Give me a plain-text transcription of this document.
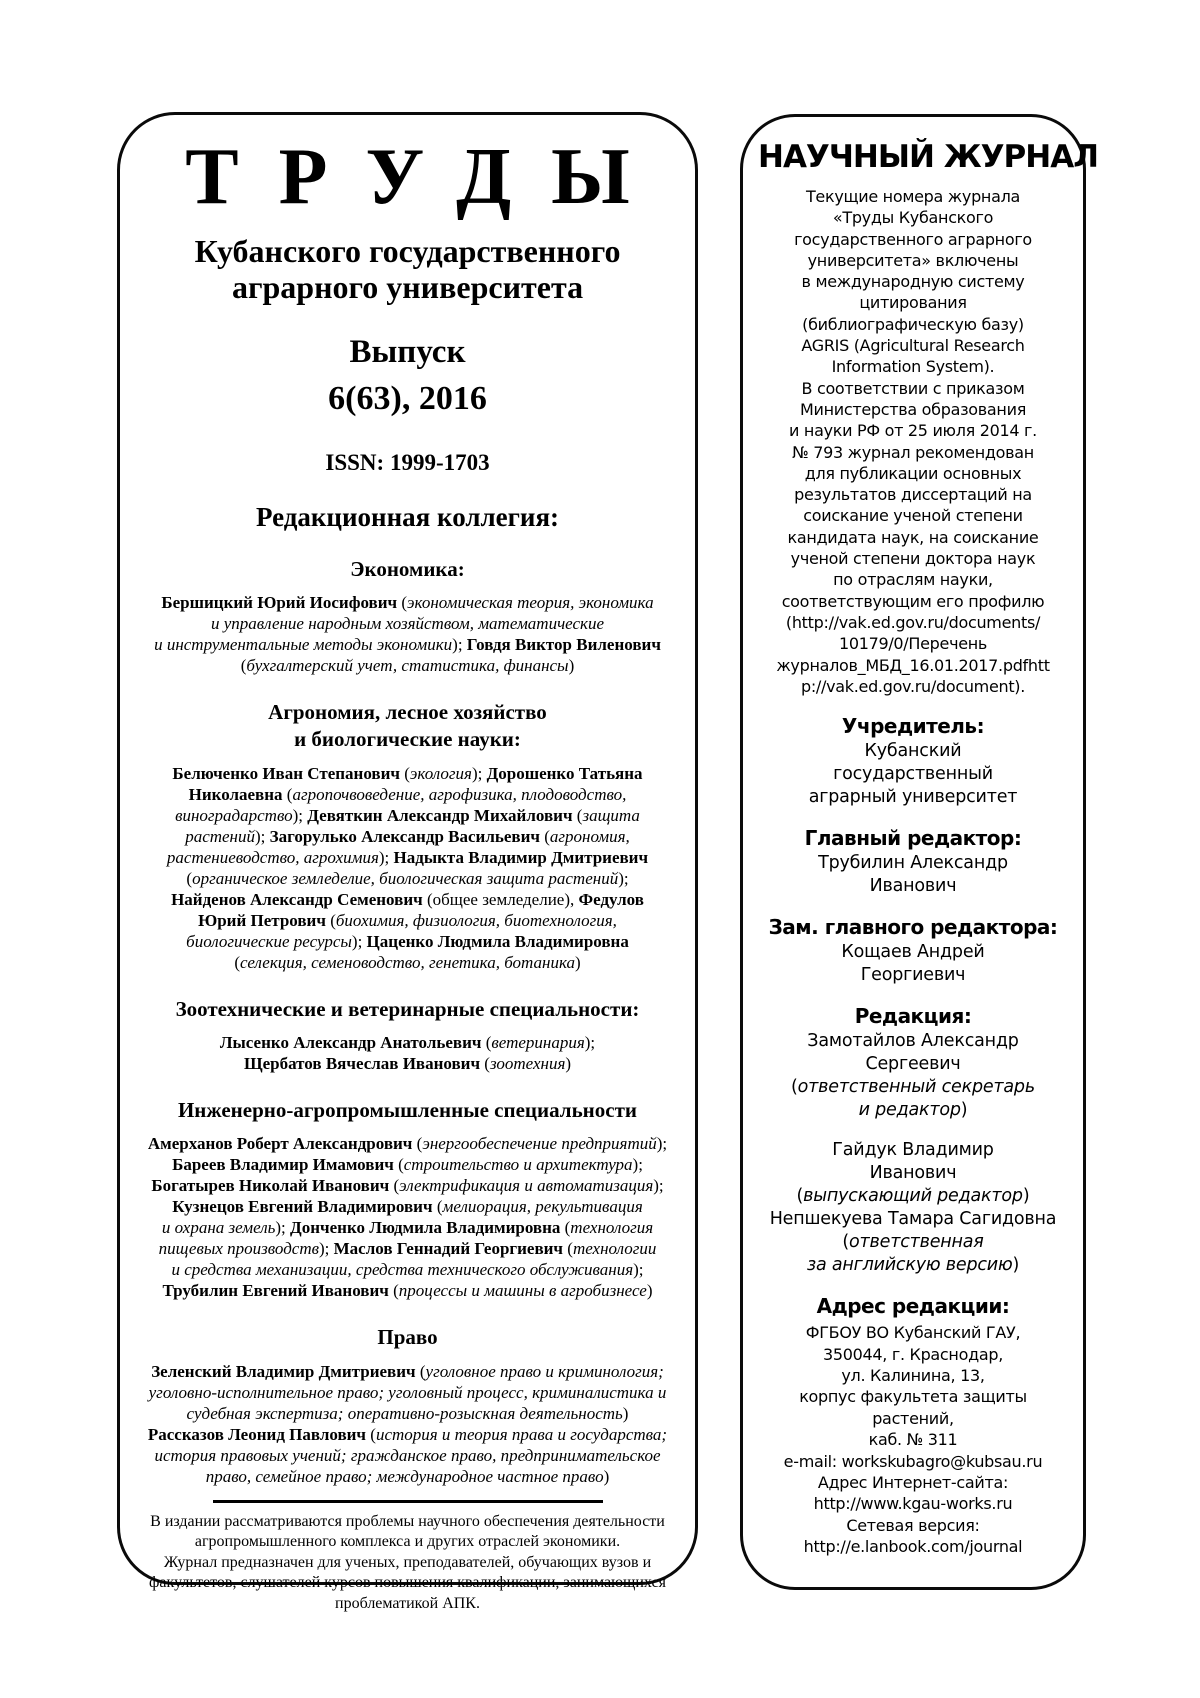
ТРУДЫ
Кубанского государственного
аграрного университета
Выпуск
6(63), 2016
ISSN: 1999-1703
Редакционная коллегия:
Экономика:
Бершицкий Юрий Иосифович (экономическая теория, экономика
и управление народным хозяйством, математические
и инструментальные методы экономики); Говдя Виктор Виленович
(бухгалтерский учет, статистика, финансы)
Агрономия, лесное хозяйство
и биологические науки:
Белюченко Иван Степанович (экология); Дорошенко Татьяна
Николаевна (агропочвоведение, агрофизика, плодоводство,
виноградарство); Девяткин Александр Михайлович (защита
растений); Загорулько Александр Васильевич (агрономия,
растениеводство, агрохимия); Надыкта Владимир Дмитриевич
(органическое земледелие, биологическая защита растений);
Найденов Александр Семенович (общее земледелие), Федулов
Юрий Петрович (биохимия, физиология, биотехнология,
биологические ресурсы); Цаценко Людмила Владимировна
(селекция, семеноводство, генетика, ботаника)
Зоотехнические и ветеринарные специальности:
Лысенко Александр Анатольевич (ветеринария);
Щербатов Вячеслав Иванович (зоотехния)
Инженерно-агропромышленные специальности
Амерханов Роберт Александрович (энергообеспечение предприятий);
Бареев Владимир Имамович (строительство и архитектура);
Богатырев Николай Иванович (электрификация и автоматизация);
Кузнецов Евгений Владимирович (мелиорация, рекультивация
и охрана земель); Донченко Людмила Владимировна (технология
пищевых производств); Маслов Геннадий Георгиевич (технологии
и средства механизации, средства технического обслуживания);
Трубилин Евгений Иванович (процессы и машины в агробизнесе)
Право
Зеленский Владимир Дмитриевич (уголовное право и криминология;
уголовно-исполнительное право; уголовный процесс, криминалистика и
судебная экспертиза; оперативно-розыскная деятельность)
Рассказов Леонид Павлович (история и теория права и государства;
история правовых учений; гражданское право, предпринимательское
право, семейное право; международное частное право)
В издании рассматриваются проблемы научного обеспечения деятельности
агропромышленного комплекса и других отраслей экономики.
Журнал предназначен для ученых, преподавателей, обучающих вузов и
факультетов, слушателей курсов повышения квалификации, занимающихся
проблематикой АПК.
НАУЧНЫЙ ЖУРНАЛ
Текущие номера журнала
«Труды Кубанского
государственного аграрного
университета» включены
в международную систему
цитирования
(библиографическую базу)
AGRIS (Agricultural Research
Information System).
В соответствии с приказом
Министерства образования
и науки РФ от 25 июля 2014 г.
№ 793 журнал рекомендован
для публикации основных
результатов диссертаций на
соискание ученой степени
кандидата наук, на соискание
ученой степени доктора наук
по отраслям науки,
соответствующим его профилю
(http://vak.ed.gov.ru/documents/
10179/0/Перечень
журналов_МБД_16.01.2017.pdfhtt
p://vak.ed.gov.ru/document).
Учредитель:
Кубанский
государственный
аграрный университет
Главный редактор:
Трубилин Александр
Иванович
Зам. главного редактора:
Кощаев Андрей
Георгиевич
Редакция:
Замотайлов Александр
Сергеевич
(ответственный секретарь
и редактор)
Гайдук Владимир
Иванович
(выпускающий редактор)
Непшекуева Тамара Сагидовна
(ответственная
за английскую версию)
Адрес редакции:
ФГБОУ ВО Кубанский ГАУ,
350044, г. Краснодар,
ул. Калинина, 13,
корпус факультета защиты растений,
каб. № 311
e-mail: workskubagro@kubsau.ru
Адрес Интернет-сайта:
http://www.kgau-works.ru
Сетевая версия:
http://e.lanbook.com/journal
